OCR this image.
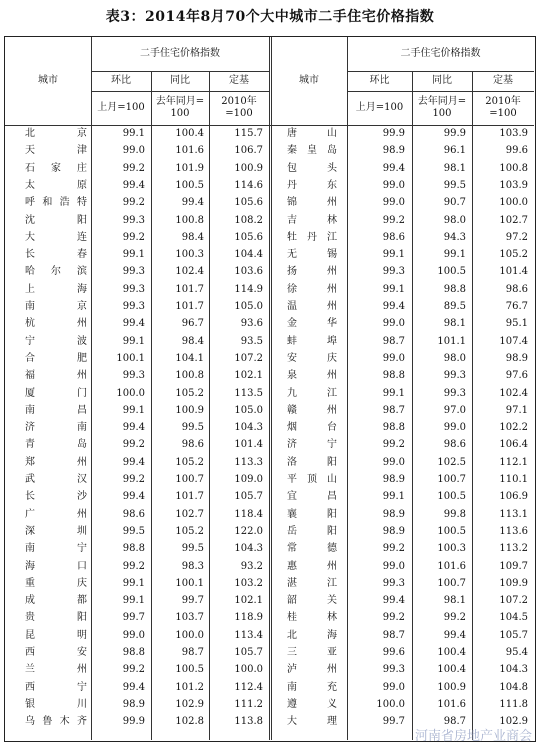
表3：2014年8月70个大中城市二手住宅价格指数
城市
二手住宅价格指数
环比	同比	定基
上月=100
去年同月=
100
2010年
=100
城市
二手住宅价格指数
环比	同比	定基
上月=100
去年同月=
100
2010年
=100
北　京	99.1	100.4	115.7 唐　山	99.9	99.9	103.9
天　津	99.0	101.6	106.7 秦皇岛	98.9	96.1	99.6
石家庄	99.2	101.9	100.9 包　头	99.4	98.1	100.8
太　原	99.4	100.5	114.6 丹　东	99.0	99.5	103.9
呼和浩特	99.2	99.4	105.6 锦　州	99.0	90.7	100.0
沈　阳	99.3	100.8	108.2 吉　林	99.2	98.0	102.7
大　连	99.2	98.4	105.6 牡丹江	98.6	94.3	97.2
长　春	99.1	100.3	104.4 无　锡	99.1	99.1	105.2
哈尔滨	99.3	102.4	103.6 扬　州	99.3	100.5	101.4
上　海	99.3	101.7	114.9 徐　州	99.1	98.8	98.6
南　京	99.3	101.7	105.0 温　州	99.4	89.5	76.7
杭　州	99.4	96.7	93.6 金　华	99.0	98.1	95.1
宁　波	99.1	98.4	93.5 蚌　埠	98.7	101.1	107.4
合　肥	100.1	104.1	107.2 安　庆	99.0	98.0	98.9
福　州	99.3	100.8	102.1 泉　州	98.8	99.3	97.6
厦　门	100.0	105.2	113.5 九　江	99.1	99.3	102.4
南　昌	99.1	100.9	105.0 赣　州	98.7	97.0	97.1
济　南	99.4	99.5	104.3 烟　台	98.8	99.0	102.2
青　岛	99.2	98.6	101.4 济　宁	99.2	98.6	106.4
郑　州	99.4	105.2	113.3 洛　阳	99.0	102.5	112.1
武　汉	99.2	100.7	109.0 平顶山	98.9	100.7	110.1
长　沙	99.4	101.7	105.7 宜　昌	99.1	100.5	106.9
广　州	98.6	102.7	118.4 襄　阳	98.9	99.8	113.1
深　圳	99.5	105.2	122.0 岳　阳	98.9	100.5	113.6
南　宁	98.8	99.5	104.3 常　德	99.2	100.3	113.2
海　口	99.2	98.3	93.2 惠　州	99.0	101.6	109.7
重　庆	99.1	100.1	103.2 湛　江	99.3	100.7	109.9
成　都	99.1	99.7	102.1 韶　关	99.4	98.1	107.2
贵　阳	99.7	103.7	118.9 桂　林	99.2	99.2	104.5
昆　明	99.0	100.0	113.4 北　海	98.7	99.4	105.7
西　安	98.8	98.7	105.7 三　亚	99.6	100.4	95.4
兰　州	99.2	100.5	100.0 泸　州	99.3	100.4	104.3
西　宁	99.4	101.2	112.4 南　充	99.0	100.9	104.8
银　川	98.9	102.9	111.2 遵　义	100.0	101.6	111.8
乌鲁木齐	99.9	102.8	113.8 大　理	99.7	98.7	102.9
河南省房地产业商会
